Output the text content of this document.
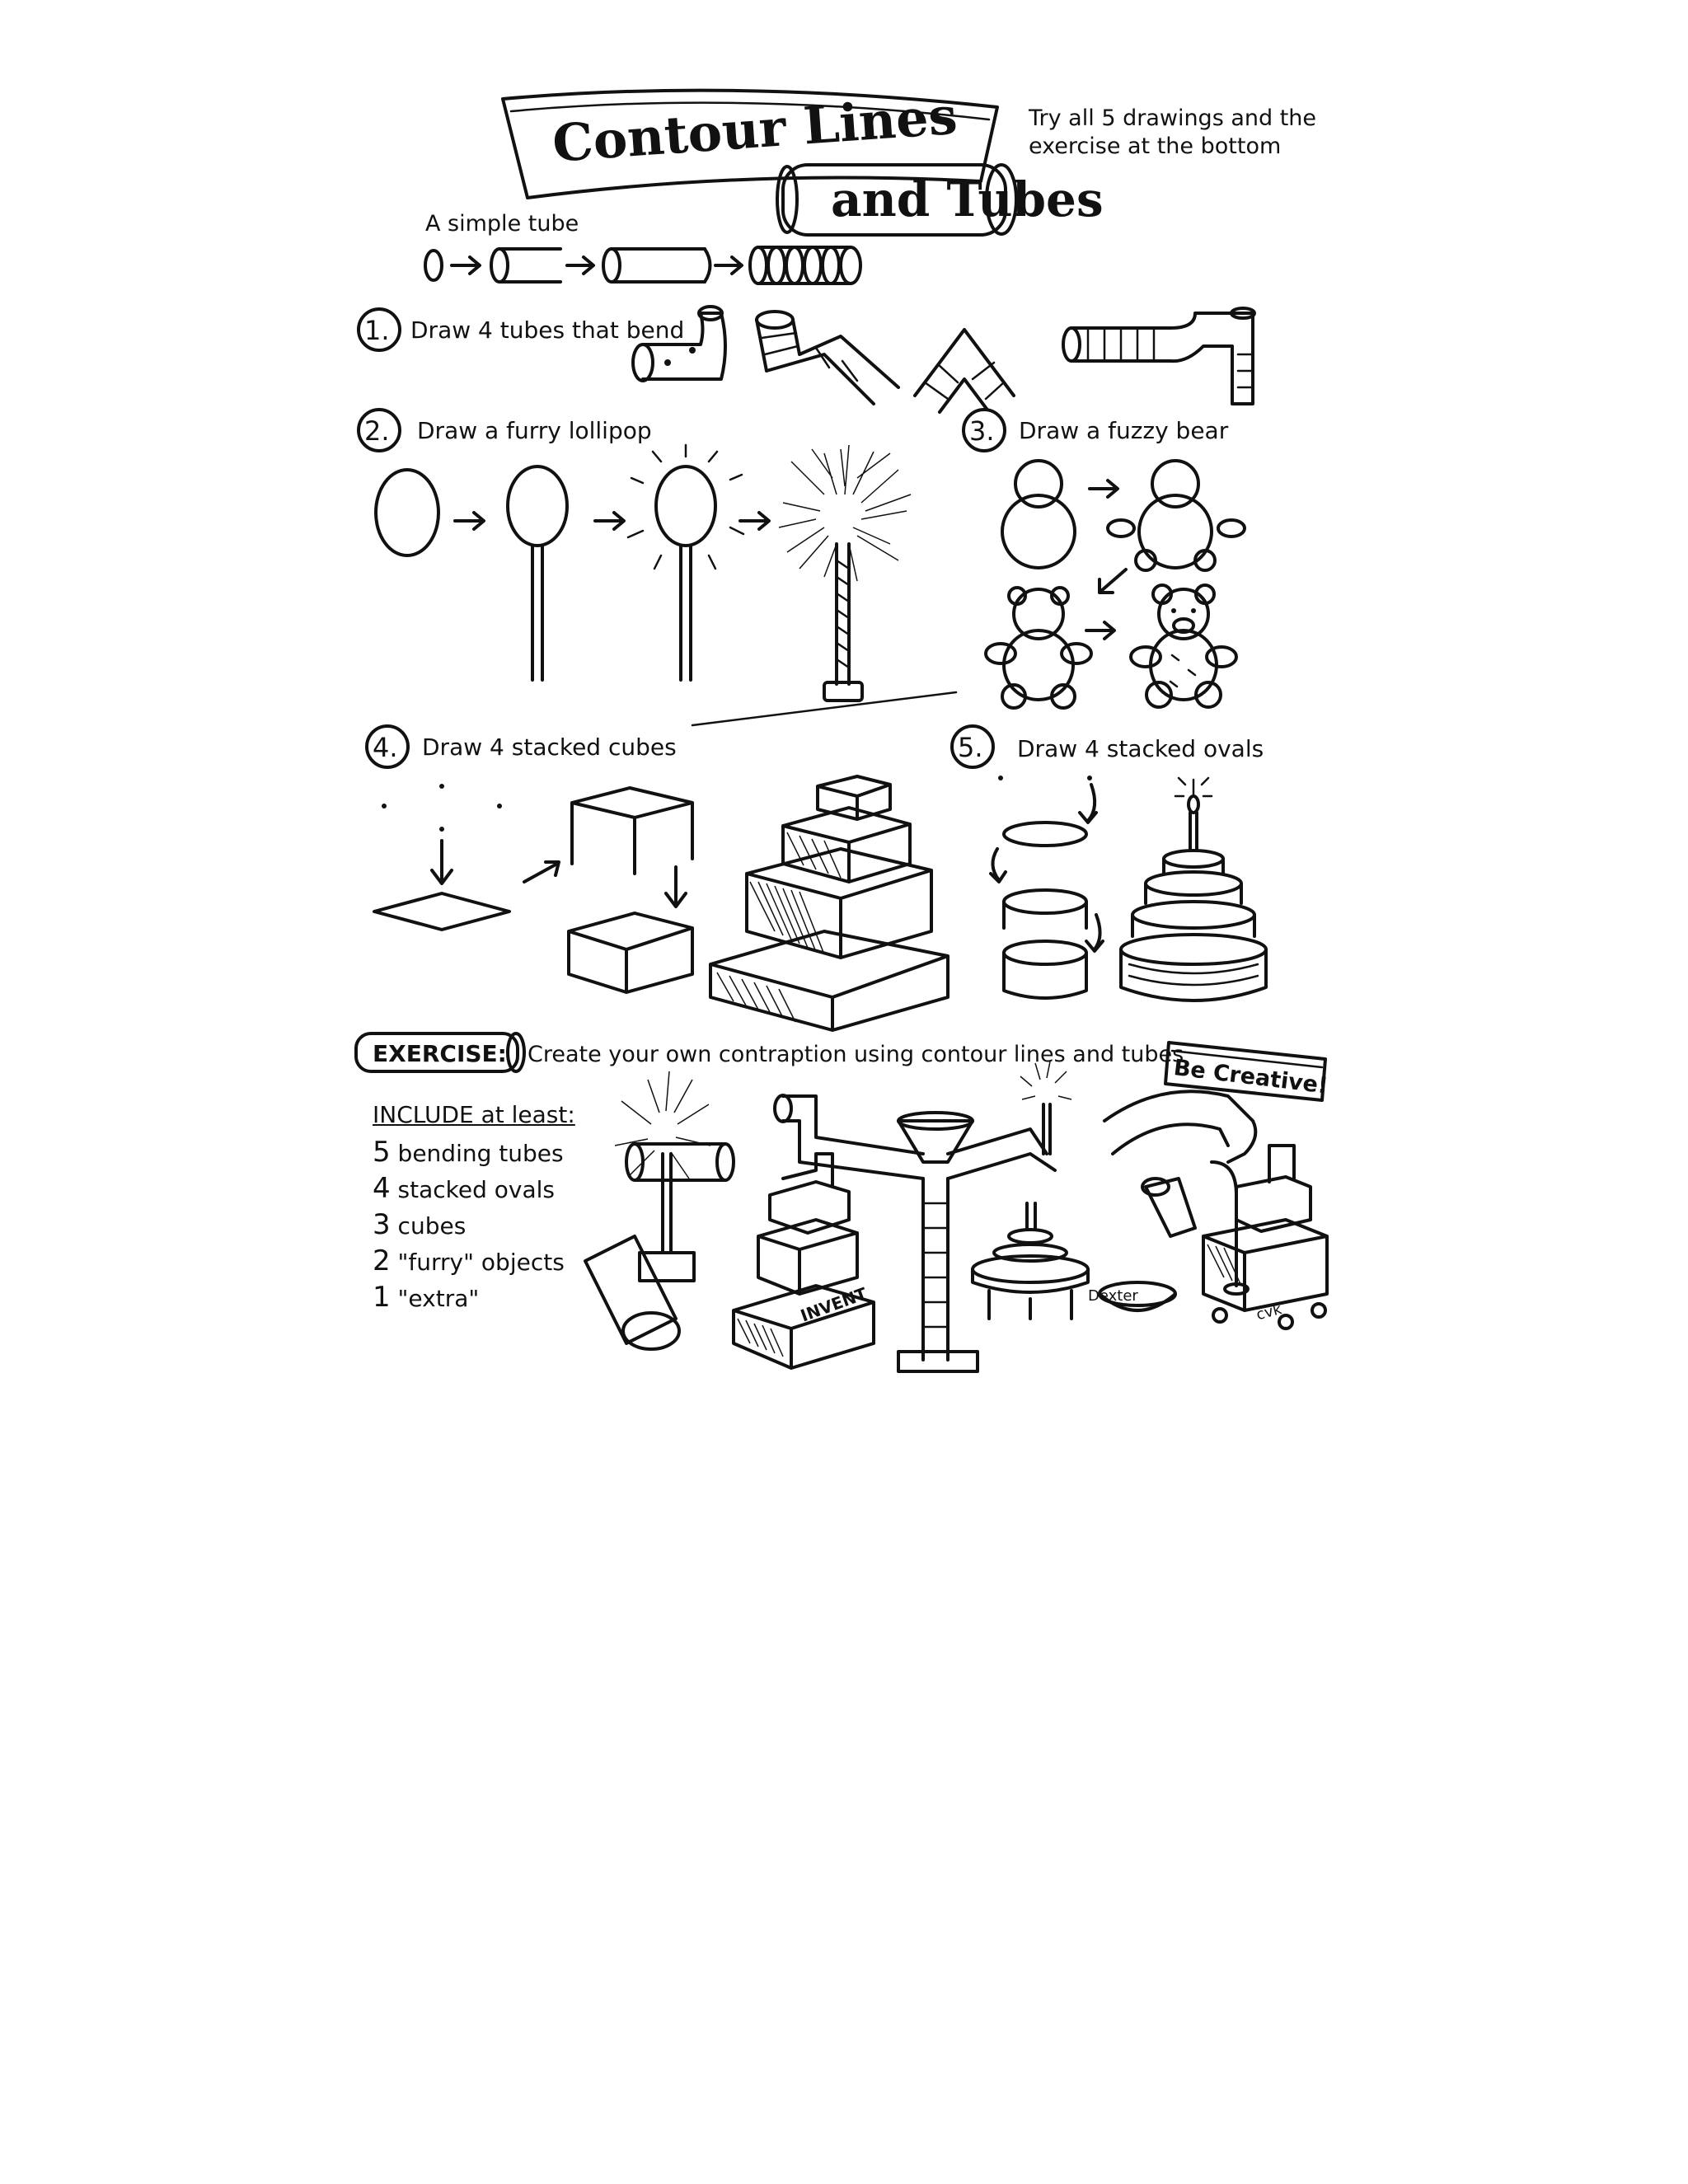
Contour Lines
and Tubes
Try all 5 drawings and the
exercise at the bottom
A simple tube
1. Draw 4 tubes that bend
2. Draw a furry lollipop	3. Draw a fuzzy bear
4. Draw 4 stacked cubes	5. Draw 4 stacked ovals
EXERCISE: Create your own contraption using contour lines and tubes
Be Creative!
INCLUDE at least:
5 bending tubes
4 stacked ovals
3 cubes
2 "furry" objects
1 "extra"	INVENT	Dexter
cvk
